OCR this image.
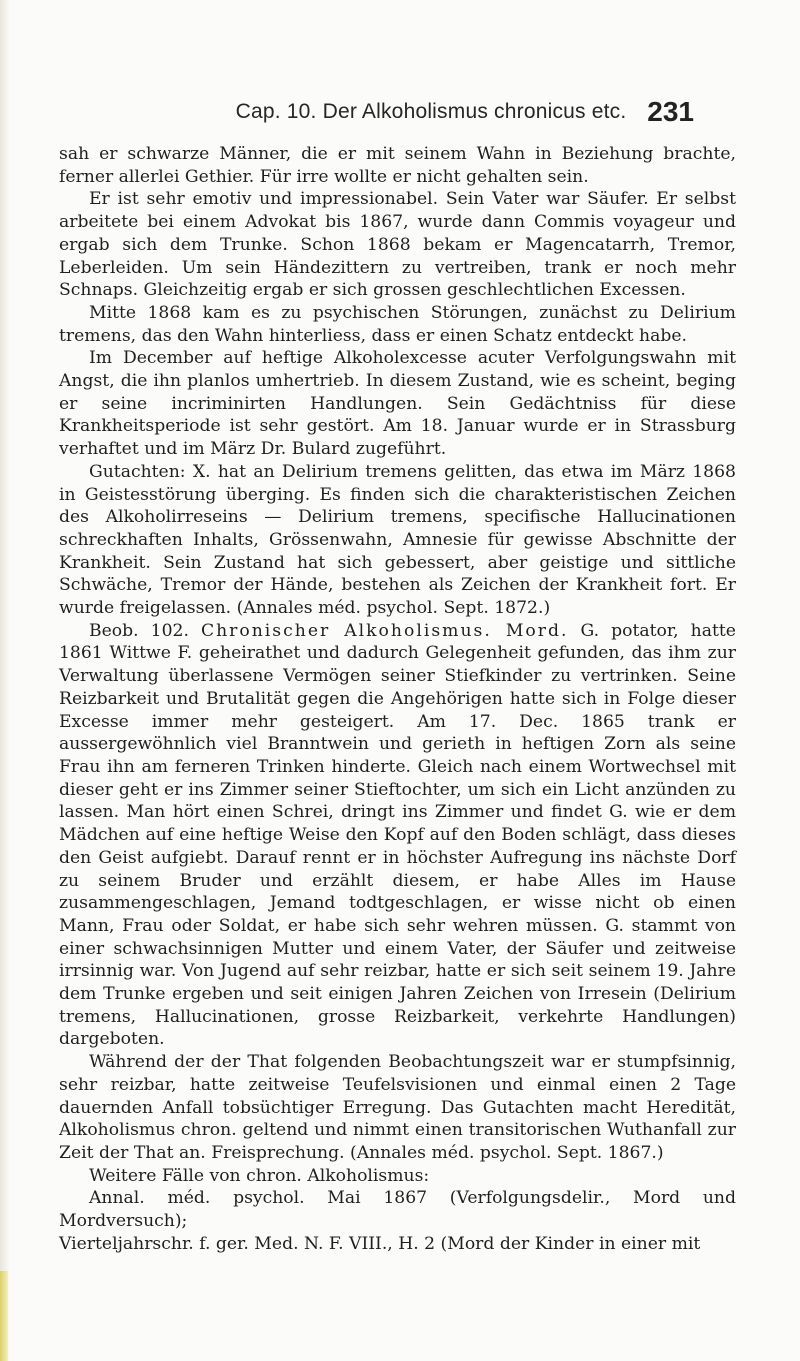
Cap. 10. Der Alkoholismus chronicus etc. 231

sah er schwarze Männer, die er mit seinem Wahn in Beziehung brachte, ferner allerlei Gethier. Für irre wollte er nicht gehalten sein.

Er ist sehr emotiv und impressionabel. Sein Vater war Säufer. Er selbst arbeitete bei einem Advokat bis 1867, wurde dann Commis voyageur und ergab sich dem Trunke. Schon 1868 bekam er Magencatarrh, Tremor, Leberleiden. Um sein Händezittern zu vertreiben, trank er noch mehr Schnaps. Gleichzeitig ergab er sich grossen geschlechtlichen Excessen.

Mitte 1868 kam es zu psychischen Störungen, zunächst zu Delirium tremens, das den Wahn hinterliess, dass er einen Schatz entdeckt habe.

Im December auf heftige Alkoholexcesse acuter Verfolgungswahn mit Angst, die ihn planlos umhertrieb. In diesem Zustand, wie es scheint, beging er seine incriminirten Handlungen. Sein Gedächtniss für diese Krankheitsperiode ist sehr gestört. Am 18. Januar wurde er in Strassburg verhaftet und im März Dr. Bulard zugeführt.

Gutachten: X. hat an Delirium tremens gelitten, das etwa im März 1868 in Geistesstörung überging. Es finden sich die charakteristischen Zeichen des Alkoholirreseins — Delirium tremens, specifische Hallucinationen schreckhaften Inhalts, Grössenwahn, Amnesie für gewisse Abschnitte der Krankheit. Sein Zustand hat sich gebessert, aber geistige und sittliche Schwäche, Tremor der Hände, bestehen als Zeichen der Krankheit fort. Er wurde freigelassen. (Annales méd. psychol. Sept. 1872.)

Beob. 102. Chronischer Alkoholismus. Mord. G. potator, hatte 1861 Wittwe F. geheirathet und dadurch Gelegenheit gefunden, das ihm zur Verwaltung überlassene Vermögen seiner Stiefkinder zu vertrinken. Seine Reizbarkeit und Brutalität gegen die Angehörigen hatte sich in Folge dieser Excesse immer mehr gesteigert. Am 17. Dec. 1865 trank er aussergewöhnlich viel Branntwein und gerieth in heftigen Zorn als seine Frau ihn am ferneren Trinken hinderte. Gleich nach einem Wortwechsel mit dieser geht er ins Zimmer seiner Stieftochter, um sich ein Licht anzünden zu lassen. Man hört einen Schrei, dringt ins Zimmer und findet G. wie er dem Mädchen auf eine heftige Weise den Kopf auf den Boden schlägt, dass dieses den Geist aufgiebt. Darauf rennt er in höchster Aufregung ins nächste Dorf zu seinem Bruder und erzählt diesem, er habe Alles im Hause zusammengeschlagen, Jemand todtgeschlagen, er wisse nicht ob einen Mann, Frau oder Soldat, er habe sich sehr wehren müssen. G. stammt von einer schwachsinnigen Mutter und einem Vater, der Säufer und zeitweise irrsinnig war. Von Jugend auf sehr reizbar, hatte er sich seit seinem 19. Jahre dem Trunke ergeben und seit einigen Jahren Zeichen von Irresein (Delirium tremens, Hallucinationen, grosse Reizbarkeit, verkehrte Handlungen) dargeboten.

Während der der That folgenden Beobachtungszeit war er stumpfsinnig, sehr reizbar, hatte zeitweise Teufelsvisionen und einmal einen 2 Tage dauernden Anfall tobsüchtiger Erregung. Das Gutachten macht Heredität, Alkoholismus chron. geltend und nimmt einen transitorischen Wuthanfall zur Zeit der That an. Freisprechung. (Annales méd. psychol. Sept. 1867.)

Weitere Fälle von chron. Alkoholismus:

Annal. méd. psychol. Mai 1867 (Verfolgungsdelir., Mord und Mordversuch);

Vierteljahrschr. f. ger. Med. N. F. VIII., H. 2 (Mord der Kinder in einer mit
